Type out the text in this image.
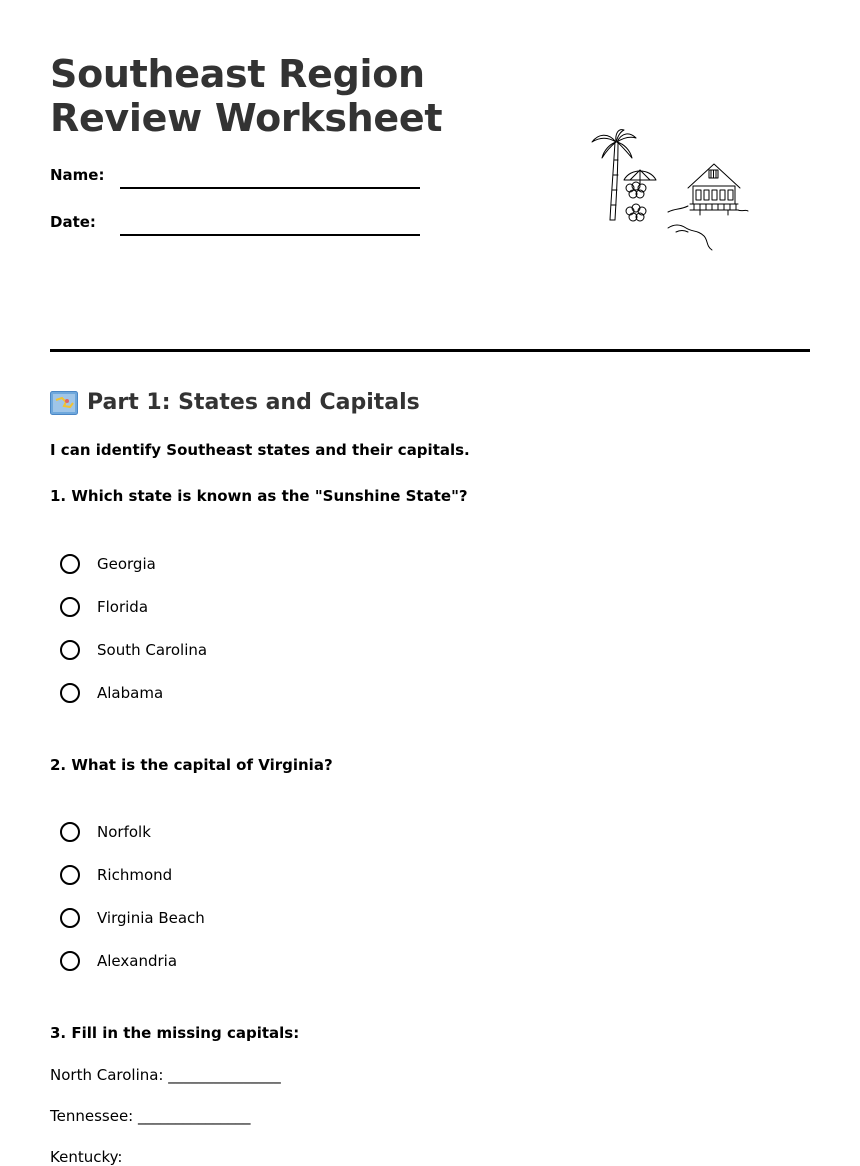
Southeast Region
Review Worksheet
Name:
Date:
Part 1: States and Capitals
I can identify Southeast states and their capitals.
1. Which state is known as the "Sunshine State"?
Georgia
Florida
South Carolina
Alabama
2. What is the capital of Virginia?
Norfolk
Richmond
Virginia Beach
Alexandria
3. Fill in the missing capitals:
North Carolina: _______________
Tennessee: _______________
Kentucky:
